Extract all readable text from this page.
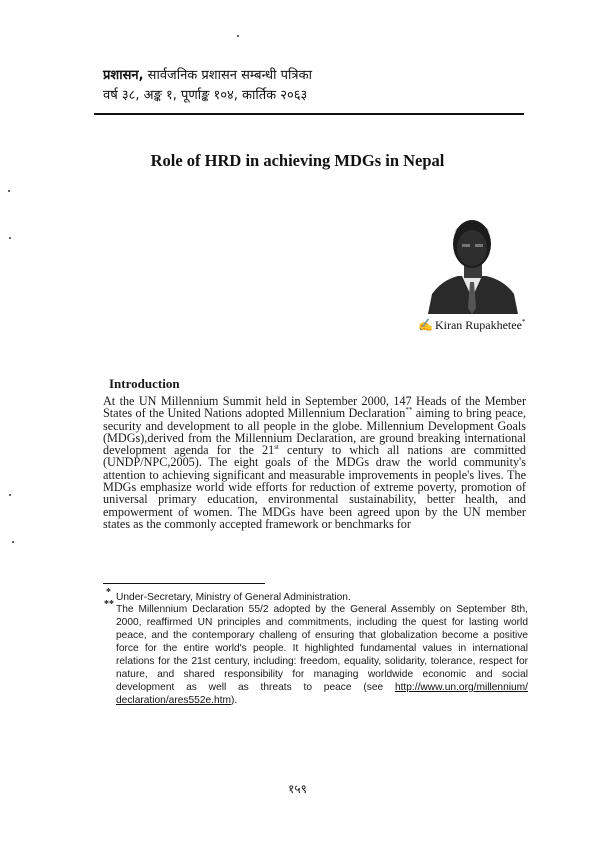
प्रशासन, सार्वजनिक प्रशासन सम्बन्धी पत्रिका
वर्ष ३८, अङ्क १, पूर्णाङ्क १०४, कार्तिक २०६३
Role of HRD in achieving MDGs in Nepal
✍ Kiran Rupakhetee*
Introduction
At the UN Millennium Summit held in September 2000, 147 Heads of the Member States of the United Nations adopted Millennium Declaration** aiming to bring peace, security and development to all people in the globe. Millennium Development Goals (MDGs),derived from the Millennium Declaration, are ground breaking international development agenda for the 21st century to which all nations are committed (UNDP/NPC,2005). The eight goals of the MDGs draw the world community's attention to achieving significant and measurable improvements in people's lives. The MDGs emphasize world wide efforts for reduction of extreme poverty, promotion of universal primary education, environmental sustainability, better health, and empowerment of women. The MDGs have been agreed upon by the UN member states as the commonly accepted framework or benchmarks for
* Under-Secretary, Ministry of General Administration.
** The Millennium Declaration 55/2 adopted by the General Assembly on September 8th, 2000, reaffirmed UN principles and commitments, including the quest for lasting world peace, and the contemporary challeng of ensuring that globalization become a positive force for the entire world's people. It highlighted fundamental values in international relations for the 21st century, including: freedom, equality, solidarity, tolerance, respect for nature, and shared responsibility for managing worldwide economic and social development as well as threats to peace (see http://www.un.org/millennium/ declaration/ares552e.htm).
१५९
